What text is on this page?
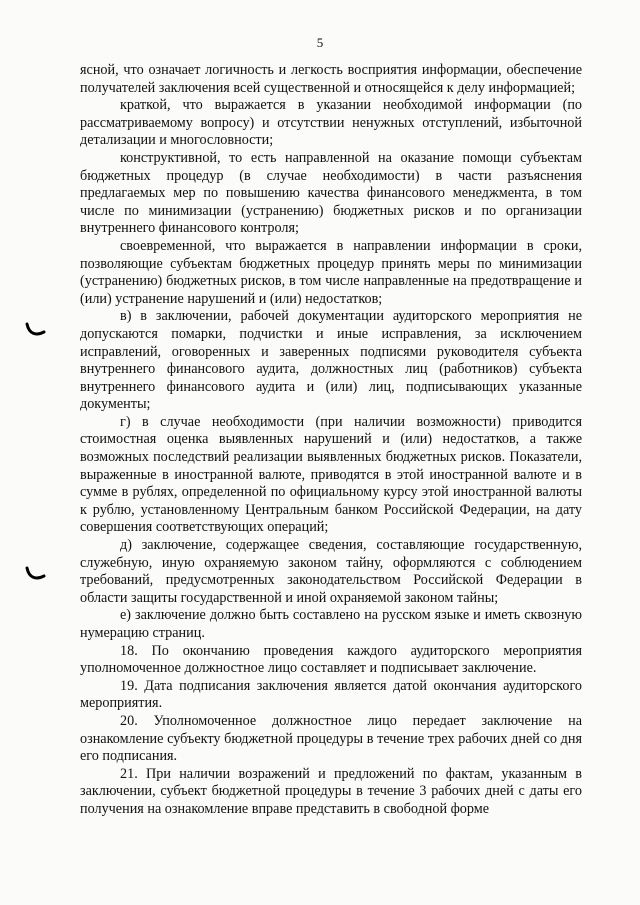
5

ясной, что означает логичность и легкость восприятия информации, обеспечение получателей заключения всей существенной и относящейся к делу информацией;

краткой, что выражается в указании необходимой информации (по рассматриваемому вопросу) и отсутствии ненужных отступлений, избыточной детализации и многословности;

конструктивной, то есть направленной на оказание помощи субъектам бюджетных процедур (в случае необходимости) в части разъяснения предлагаемых мер по повышению качества финансового менеджмента, в том числе по минимизации (устранению) бюджетных рисков и по организации внутреннего финансового контроля;

своевременной, что выражается в направлении информации в сроки, позволяющие субъектам бюджетных процедур принять меры по минимизации (устранению) бюджетных рисков, в том числе направленные на предотвращение и (или) устранение нарушений и (или) недостатков;

в) в заключении, рабочей документации аудиторского мероприятия не допускаются помарки, подчистки и иные исправления, за исключением исправлений, оговоренных и заверенных подписями руководителя субъекта внутреннего финансового аудита, должностных лиц (работников) субъекта внутреннего финансового аудита и (или) лиц, подписывающих указанные документы;

г) в случае необходимости (при наличии возможности) приводится стоимостная оценка выявленных нарушений и (или) недостатков, а также возможных последствий реализации выявленных бюджетных рисков. Показатели, выраженные в иностранной валюте, приводятся в этой иностранной валюте и в сумме в рублях, определенной по официальному курсу этой иностранной валюты к рублю, установленному Центральным банком Российской Федерации, на дату совершения соответствующих операций;

д) заключение, содержащее сведения, составляющие государственную, служебную, иную охраняемую законом тайну, оформляются с соблюдением требований, предусмотренных законодательством Российской Федерации в области защиты государственной и иной охраняемой законом тайны;

е) заключение должно быть составлено на русском языке и иметь сквозную нумерацию страниц.

18. По окончанию проведения каждого аудиторского мероприятия уполномоченное должностное лицо составляет и подписывает заключение.

19. Дата подписания заключения является датой окончания аудиторского мероприятия.

20. Уполномоченное должностное лицо передает заключение на ознакомление субъекту бюджетной процедуры в течение трех рабочих дней со дня его подписания.

21. При наличии возражений и предложений по фактам, указанным в заключении, субъект бюджетной процедуры в течение 3 рабочих дней с даты его получения на ознакомление вправе представить в свободной форме
